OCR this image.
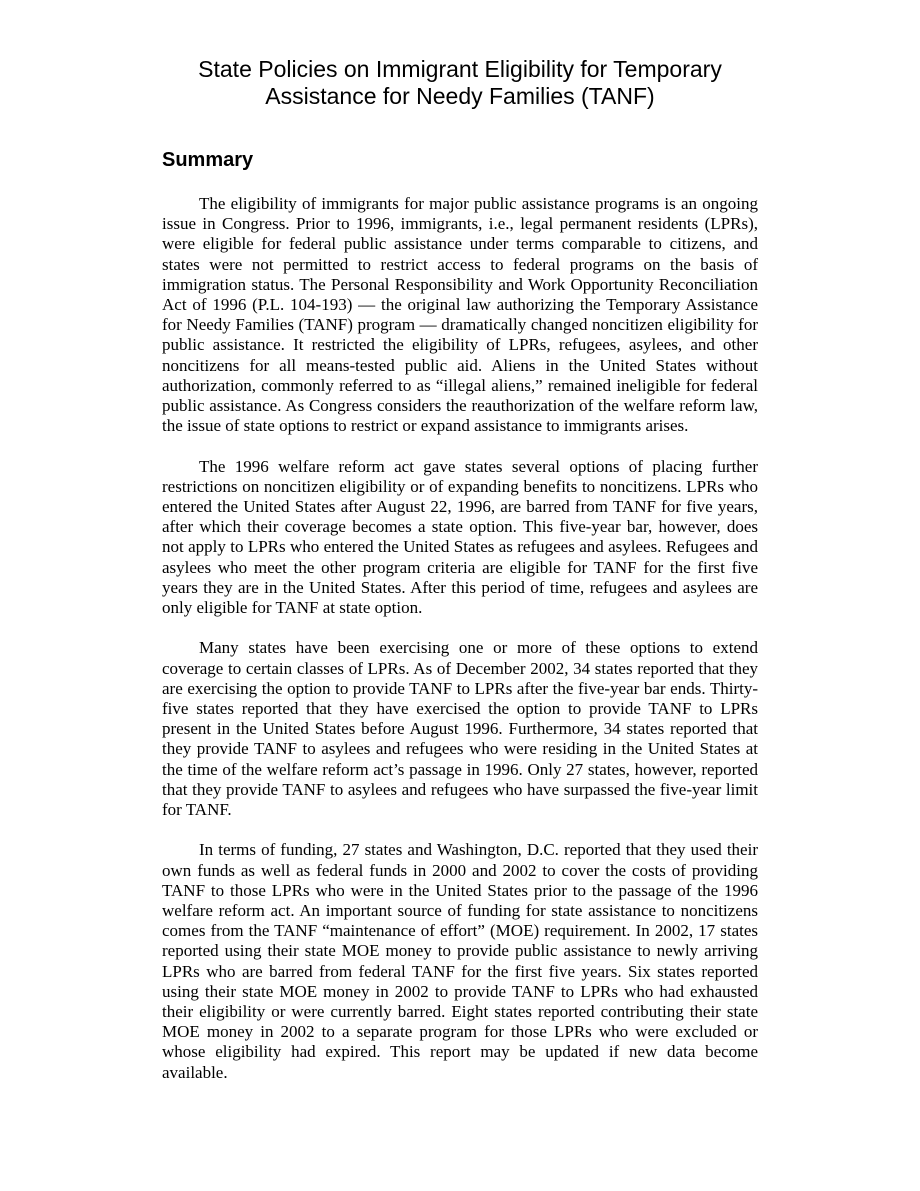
State Policies on Immigrant Eligibility for Temporary
Assistance for Needy Families (TANF)
Summary

The eligibility of immigrants for major public assistance programs is an ongoing issue in Congress. Prior to 1996, immigrants, i.e., legal permanent residents (LPRs), were eligible for federal public assistance under terms comparable to citizens, and states were not permitted to restrict access to federal programs on the basis of immigration status. The Personal Responsibility and Work Opportunity Reconciliation Act of 1996 (P.L. 104-193) — the original law authorizing the Temporary Assistance for Needy Families (TANF) program — dramatically changed noncitizen eligibility for public assistance. It restricted the eligibility of LPRs, refugees, asylees, and other noncitizens for all means-tested public aid. Aliens in the United States without authorization, commonly referred to as “illegal aliens,” remained ineligible for federal public assistance. As Congress considers the reauthorization of the welfare reform law, the issue of state options to restrict or expand assistance to immigrants arises.

The 1996 welfare reform act gave states several options of placing further restrictions on noncitizen eligibility or of expanding benefits to noncitizens. LPRs who entered the United States after August 22, 1996, are barred from TANF for five years, after which their coverage becomes a state option. This five-year bar, however, does not apply to LPRs who entered the United States as refugees and asylees. Refugees and asylees who meet the other program criteria are eligible for TANF for the first five years they are in the United States. After this period of time, refugees and asylees are only eligible for TANF at state option.

Many states have been exercising one or more of these options to extend coverage to certain classes of LPRs. As of December 2002, 34 states reported that they are exercising the option to provide TANF to LPRs after the five-year bar ends. Thirty-five states reported that they have exercised the option to provide TANF to LPRs present in the United States before August 1996. Furthermore, 34 states reported that they provide TANF to asylees and refugees who were residing in the United States at the time of the welfare reform act’s passage in 1996. Only 27 states, however, reported that they provide TANF to asylees and refugees who have surpassed the five-year limit for TANF.

In terms of funding, 27 states and Washington, D.C. reported that they used their own funds as well as federal funds in 2000 and 2002 to cover the costs of providing TANF to those LPRs who were in the United States prior to the passage of the 1996 welfare reform act. An important source of funding for state assistance to noncitizens comes from the TANF “maintenance of effort” (MOE) requirement. In 2002, 17 states reported using their state MOE money to provide public assistance to newly arriving LPRs who are barred from federal TANF for the first five years. Six states reported using their state MOE money in 2002 to provide TANF to LPRs who had exhausted their eligibility or were currently barred. Eight states reported contributing their state MOE money in 2002 to a separate program for those LPRs who were excluded or whose eligibility had expired. This report may be updated if new data become available.
